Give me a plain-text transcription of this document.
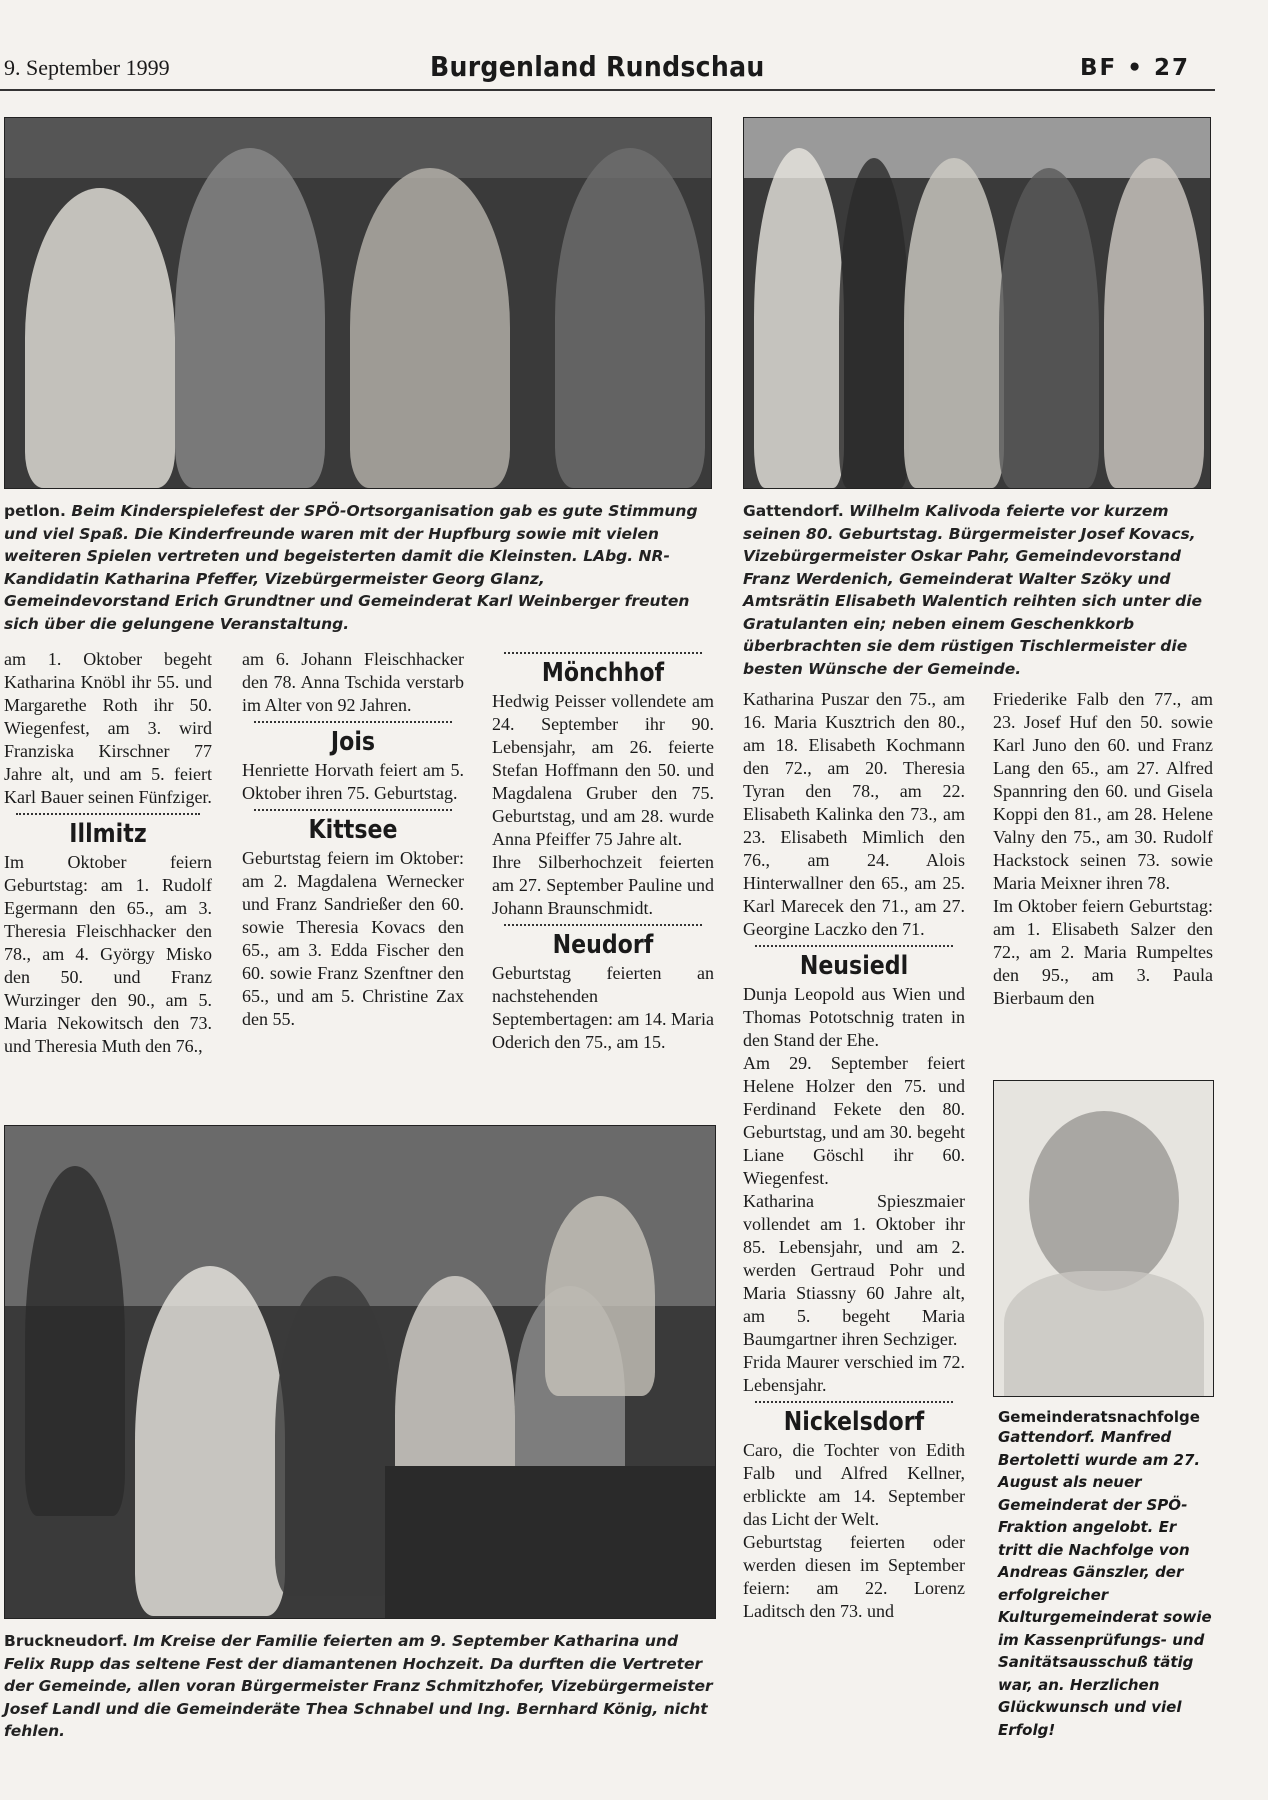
9. September 1999	Burgenland Rundschau	BF • 27
petlon. Beim Kinderspielefest der SPÖ-Ortsorganisation gab es gute Stimmung und viel Spaß. Die Kinderfreunde waren mit der Hupfburg sowie mit vielen weiteren Spielen vertreten und begeisterten damit die Kleinsten. LAbg. NR-Kandidatin Katharina Pfeffer, Vizebürgermeister Georg Glanz, Gemeindevorstand Erich Grundtner und Gemeinderat Karl Weinberger freuten sich über die gelungene Veranstaltung.
Gattendorf. Wilhelm Kalivoda feierte vor kurzem seinen 80. Geburtstag. Bürgermeister Josef Kovacs, Vizebürgermeister Oskar Pahr, Gemeindevorstand Franz Werdenich, Gemeinderat Walter Szöky und Amtsrätin Elisabeth Walentich reihten sich unter die Gratulanten ein; neben einem Geschenkkorb überbrachten sie dem rüstigen Tischlermeister die besten Wünsche der Gemeinde.

am 1. Oktober begeht Katharina Knöbl ihr 55. und Margarethe Roth ihr 50. Wiegenfest, am 3. wird Franziska Kirschner 77 Jahre alt, und am 5. feiert Karl Bauer seinen Fünfziger.

Illmitz

Im Oktober feiern Geburtstag: am 1. Rudolf Egermann den 65., am 3. Theresia Fleischhacker den 78., am 4. György Misko den 50. und Franz Wurzinger den 90., am 5. Maria Nekowitsch den 73. und Theresia Muth den 76.,

am 6. Johann Fleischhacker den 78. Anna Tschida verstarb im Alter von 92 Jahren.

Jois

Henriette Horvath feiert am 5. Oktober ihren 75. Geburtstag.

Kittsee

Geburtstag feiern im Oktober: am 2. Magdalena Wernecker und Franz Sandrießer den 60. sowie Theresia Kovacs den 65., am 3. Edda Fischer den 60. sowie Franz Szenftner den 65., und am 5. Christine Zax den 55.

Mönchhof

Hedwig Peisser vollendete am 24. September ihr 90. Lebensjahr, am 26. feierte Stefan Hoffmann den 50. und Magdalena Gruber den 75. Geburtstag, und am 28. wurde Anna Pfeiffer 75 Jahre alt.

Ihre Silberhochzeit feierten am 27. September Pauline und Johann Braunschmidt.

Neudorf

Geburtstag feierten an nachstehenden Septembertagen: am 14. Maria Oderich den 75., am 15.

Katharina Puszar den 75., am 16. Maria Kusztrich den 80., am 18. Elisabeth Kochmann den 72., am 20. Theresia Tyran den 78., am 22. Elisabeth Kalinka den 73., am 23. Elisabeth Mimlich den 76., am 24. Alois Hinterwallner den 65., am 25. Karl Marecek den 71., am 27. Georgine Laczko den 71.

Neusiedl

Dunja Leopold aus Wien und Thomas Pototschnig traten in den Stand der Ehe.

Am 29. September feiert Helene Holzer den 75. und Ferdinand Fekete den 80. Geburtstag, und am 30. begeht Liane Göschl ihr 60. Wiegenfest.

Katharina Spieszmaier vollendet am 1. Oktober ihr 85. Lebensjahr, und am 2. werden Gertraud Pohr und Maria Stiassny 60 Jahre alt, am 5. begeht Maria Baumgartner ihren Sechziger.

Frida Maurer verschied im 72. Lebensjahr.

Nickelsdorf

Caro, die Tochter von Edith Falb und Alfred Kellner, erblickte am 14. September das Licht der Welt.

Geburtstag feierten oder werden diesen im September feiern: am 22. Lorenz Laditsch den 73. und

Friederike Falb den 77., am 23. Josef Huf den 50. sowie Karl Juno den 60. und Franz Lang den 65., am 27. Alfred Spannring den 60. und Gisela Koppi den 81., am 28. Helene Valny den 75., am 30. Rudolf Hackstock seinen 73. sowie Maria Meixner ihren 78.

Im Oktober feiern Geburtstag: am 1. Elisabeth Salzer den 72., am 2. Maria Rumpeltes den 95., am 3. Paula Bierbaum den

Bruckneudorf. Im Kreise der Familie feierten am 9. September Katharina und Felix Rupp das seltene Fest der diamantenen Hochzeit. Da durften die Vertreter der Gemeinde, allen voran Bürgermeister Franz Schmitzhofer, Vizebürgermeister Josef Landl und die Gemeinderäte Thea Schnabel und Ing. Bernhard König, nicht fehlen.
Gemeinderatsnachfolge
Gattendorf. Manfred Bertoletti wurde am 27. August als neuer Gemeinderat der SPÖ-Fraktion angelobt. Er tritt die Nachfolge von Andreas Gänszler, der erfolgreicher Kulturgemeinderat sowie im Kassenprüfungs- und Sanitätsausschuß tätig war, an. Herzlichen Glückwunsch und viel Erfolg!
